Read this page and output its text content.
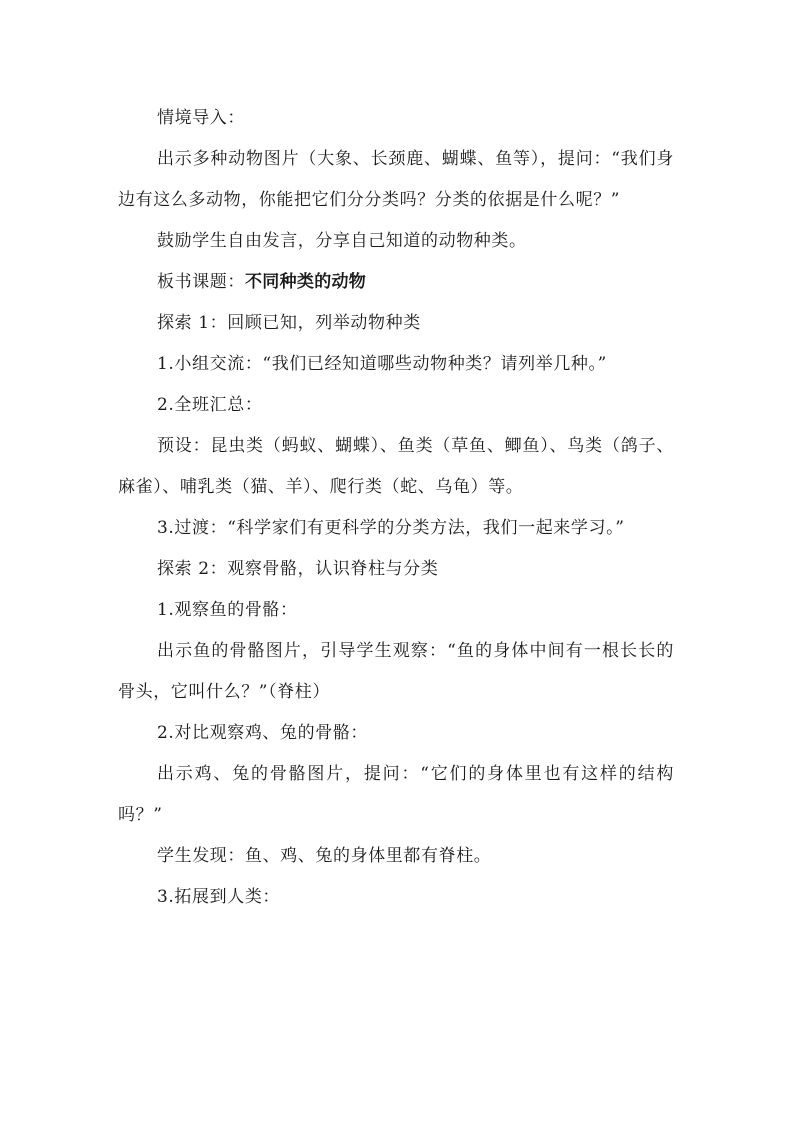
情境导入：

出示多种动物图片（大象、长颈鹿、蝴蝶、鱼等），提问：“我们身边有这么多动物，你能把它们分分类吗？分类的依据是什么呢？”

鼓励学生自由发言，分享自己知道的动物种类。

板书课题：不同种类的动物

探索 1：回顾已知，列举动物种类

1.小组交流：“我们已经知道哪些动物种类？请列举几种。”

2.全班汇总：

预设：昆虫类（蚂蚁、蝴蝶）、鱼类（草鱼、鲫鱼）、鸟类（鸽子、麻雀）、哺乳类（猫、羊）、爬行类（蛇、乌龟）等。

3.过渡：“科学家们有更科学的分类方法，我们一起来学习。”

探索 2：观察骨骼，认识脊柱与分类

1.观察鱼的骨骼：

出示鱼的骨骼图片，引导学生观察：“鱼的身体中间有一根长长的骨头，它叫什么？”（脊柱）

2.对比观察鸡、兔的骨骼：

出示鸡、兔的骨骼图片，提问：“它们的身体里也有这样的结构吗？”

学生发现：鱼、鸡、兔的身体里都有脊柱。

3.拓展到人类：
